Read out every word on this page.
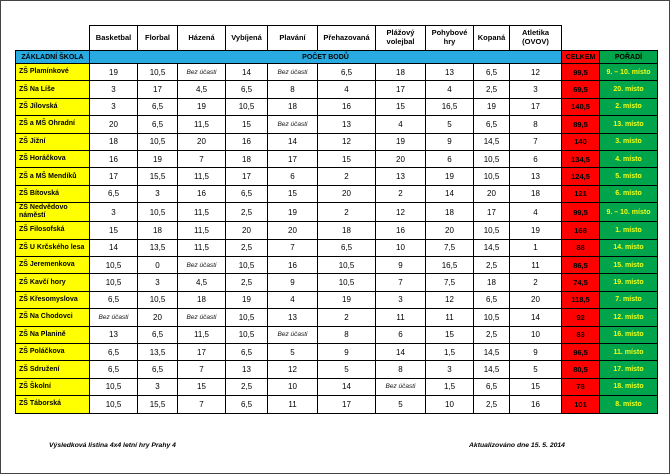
	Basketbal	Florbal	Házená	Vybíjená	Plavání	Přehazovaná	Plážový volejbal	Pohybové hry	Kopaná	Atletika (OVOV)		
ZÁKLADNÍ ŠKOLA	POČET BODŮ										CELKEM	POŘADÍ
ZŠ Plamínkové	19	10,5	Bez účasti	14	Bez účasti	6,5	18	13	6,5	12	99,5	9. – 10. místo
ZŠ Na Líše	3	17	4,5	6,5	8	4	17	4	2,5	3	69,5	20. místo
ZŠ Jílovská	3	6,5	19	10,5	18	16	15	16,5	19	17	140,5	2. místo
ZŠ a MŠ Ohradní	20	6,5	11,5	15	Bez účasti	13	4	5	6,5	8	89,5	13. místo
ZŠ Jižní	18	10,5	20	16	14	12	19	9	14,5	7	140	3. místo
ZŠ Horáčkova	16	19	7	18	17	15	20	6	10,5	6	134,5	4. místo
ZŠ a MŠ Mendíků	17	15,5	11,5	17	6	2	13	19	10,5	13	124,5	5. místo
ZŠ Bítovská	6,5	3	16	6,5	15	20	2	14	20	18	121	6. místo
ZŠ Nedvědovo náměstí	3	10,5	11,5	2,5	19	2	12	18	17	4	99,5	9. – 10. místo
ZŠ Filosofská	15	18	11,5	20	20	18	16	20	10,5	19	168	1. místo
ZŠ U Krčského lesa	14	13,5	11,5	2,5	7	6,5	10	7,5	14,5	1	88	14. místo
ZŠ Jeremenkova	10,5	0	Bez účasti	10,5	16	10,5	9	16,5	2,5	11	86,5	15. místo
ZŠ Kavčí hory	10,5	3	4,5	2,5	9	10,5	7	7,5	18	2	74,5	19. místo
ZŠ Křesomyslova	6,5	10,5	18	19	4	19	3	12	6,5	20	118,5	7. místo
ZŠ Na Chodovci	Bez účasti	20	Bez účasti	10,5	13	2	11	11	10,5	14	92	12. místo
ZŠ Na Planině	13	6,5	11,5	10,5	Bez účasti	8	6	15	2,5	10	83	16. místo
ZŠ Poláčkova	6,5	13,5	17	6,5	5	9	14	1,5	14,5	9	96,5	11. místo
ZŠ Sdružení	6,5	6,5	7	13	12	5	8	3	14,5	5	80,5	17. místo
ZŠ Školní	10,5	3	15	2,5	10	14	Bez účasti	1,5	6,5	15	78	18. místo
ZŠ Táborská	10,5	15,5	7	6,5	11	17	5	10	2,5	16	101	8. místo
Výsledková listina 4x4 letní hry Prahy 4	Aktualizováno dne 15. 5. 2014
